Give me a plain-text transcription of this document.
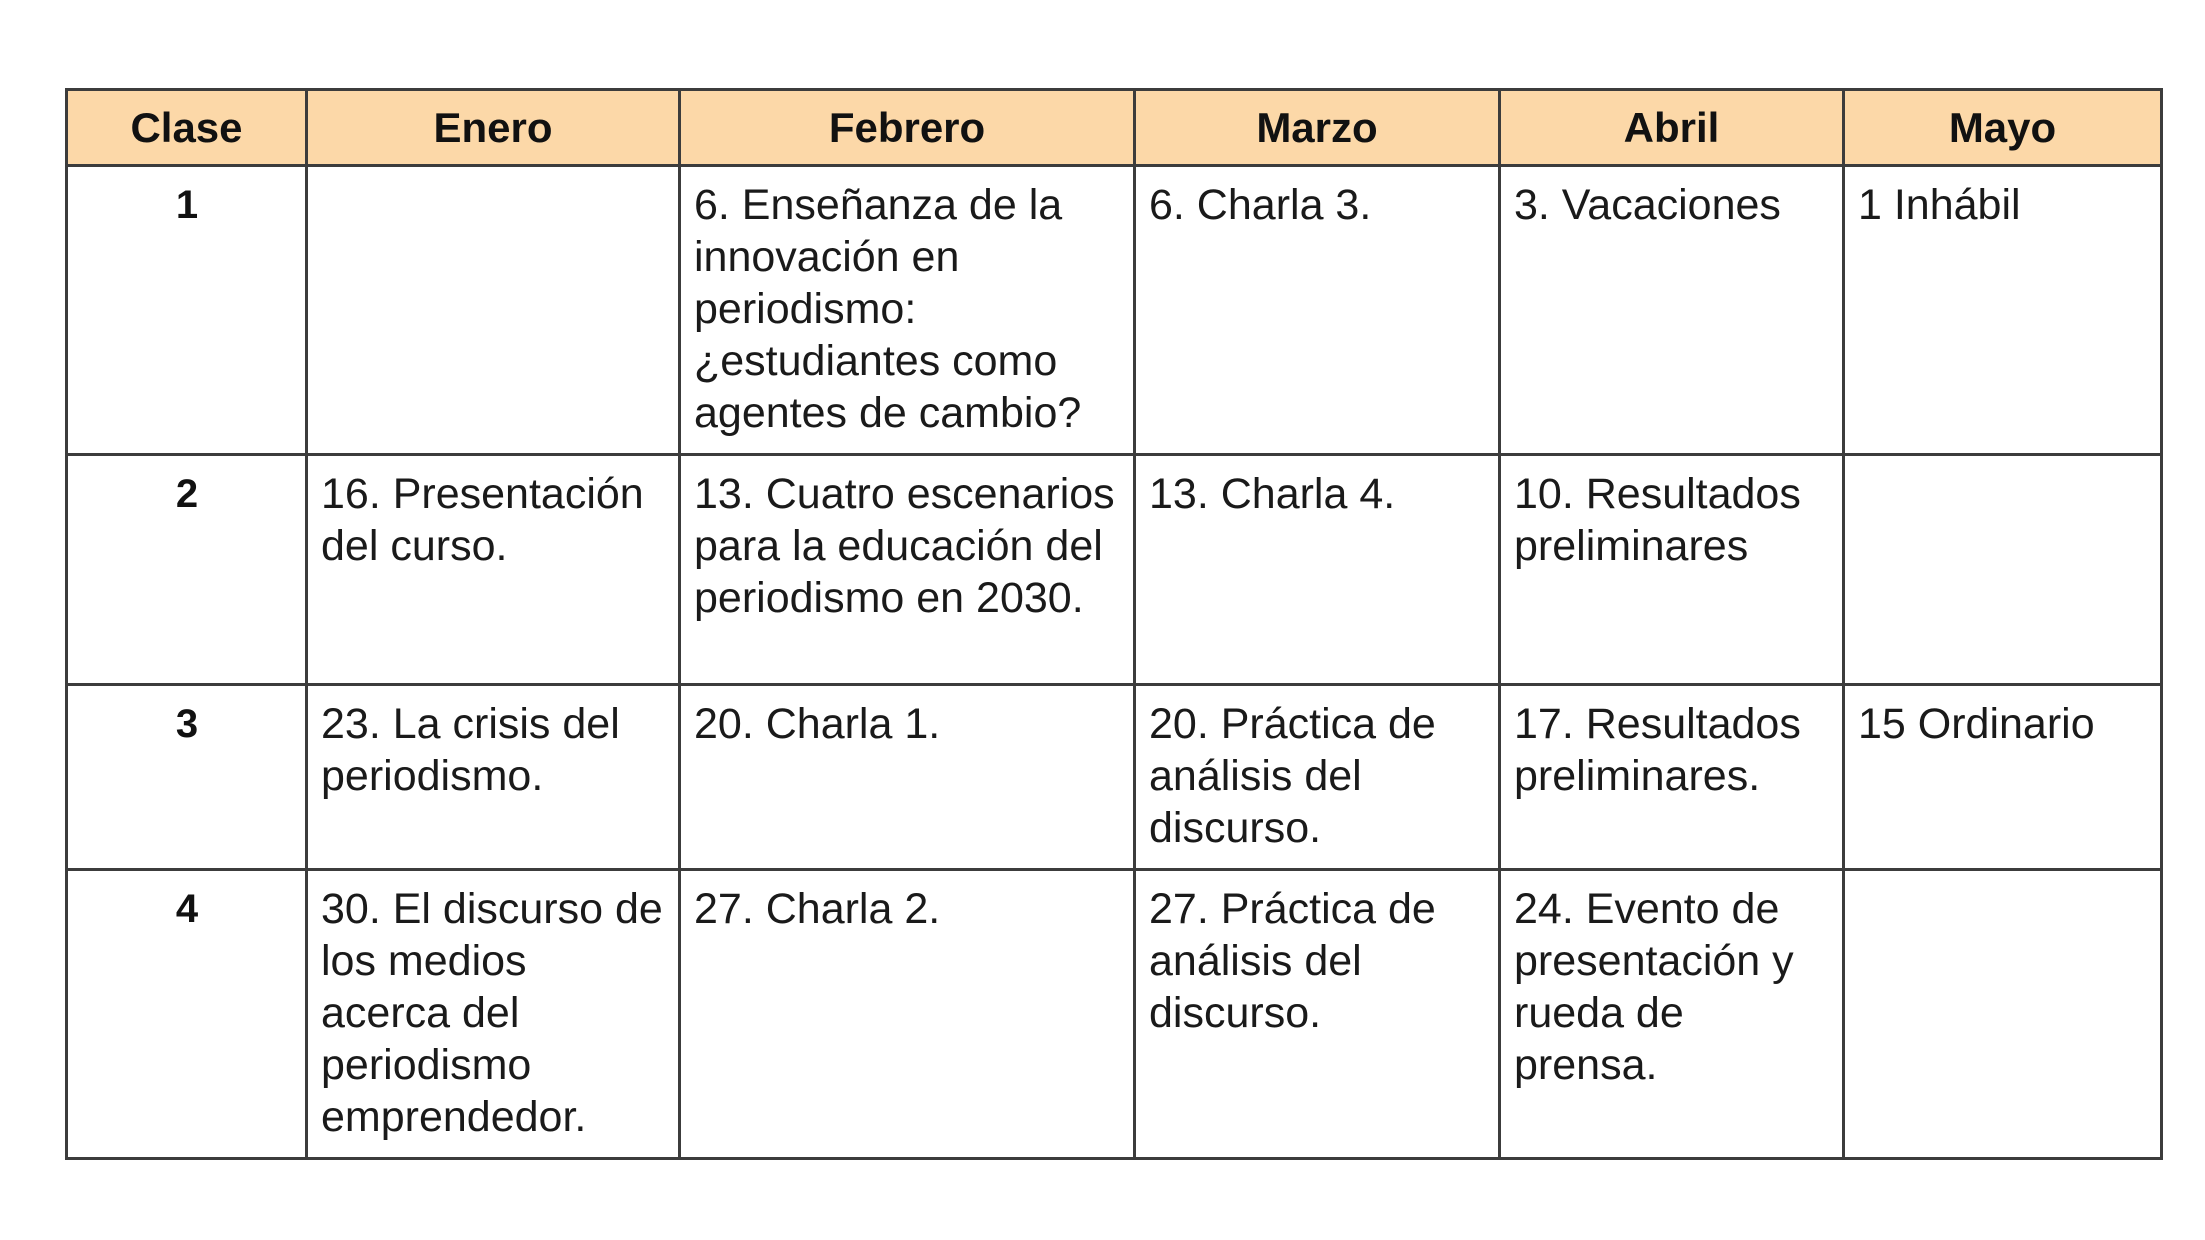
Clase	Enero	Febrero	Marzo	Abril	Mayo
1		6. Enseñanza de la innovación en periodismo: ¿estudiantes como agentes de cambio?	6. Charla 3.	3. Vacaciones	1 Inhábil
2	16. Presentación del curso.	13. Cuatro escenarios para la educación del periodismo en 2030.	13. Charla 4.	10. Resultados preliminares	
3	23. La crisis del periodismo.	20. Charla 1.	20. Práctica de análisis del discurso.	17. Resultados preliminares.	15 Ordinario
4	30. El discurso de los medios acerca del periodismo emprendedor.	27. Charla 2.	27. Práctica de análisis del discurso.	24. Evento de presentación y rueda de prensa.	
